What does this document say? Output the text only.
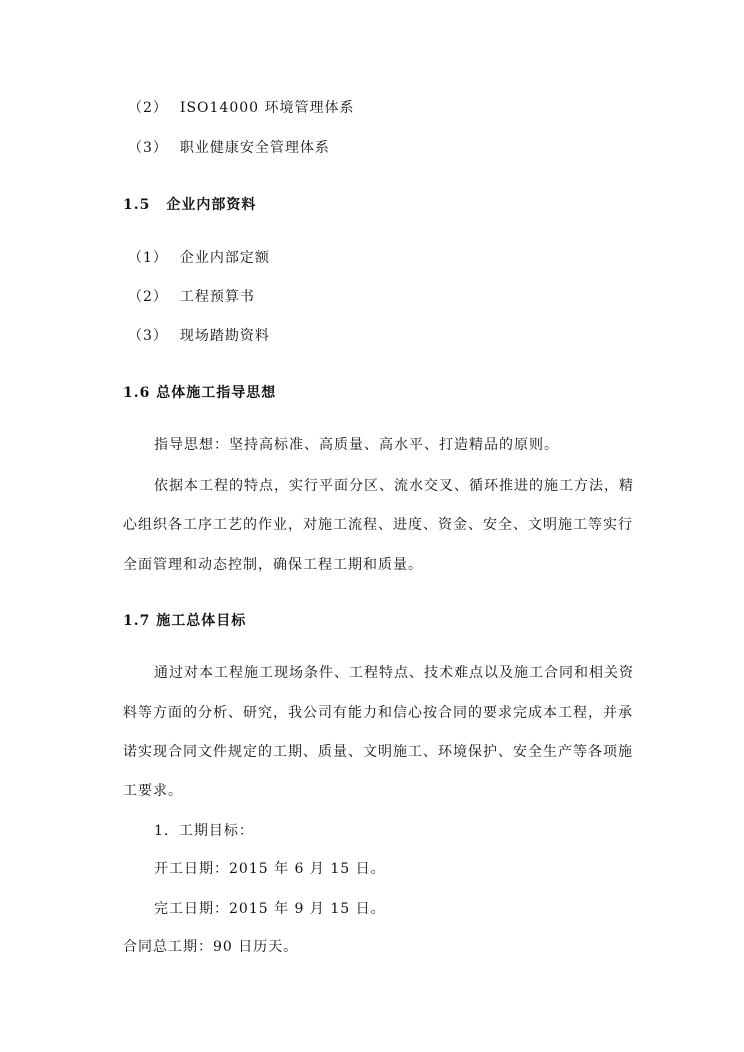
（2） ISO14000 环境管理体系
（3） 职业健康安全管理体系
1.5 企业内部资料
（1） 企业内部定额
（2） 工程预算书
（3） 现场踏勘资料
1.6 总体施工指导思想
指导思想：坚持高标准、高质量、高水平、打造精品的原则。
依据本工程的特点，实行平面分区、流水交叉、循环推进的施工方法，精
心组织各工序工艺的作业，对施工流程、进度、资金、安全、文明施工等实行
全面管理和动态控制，确保工程工期和质量。
1.7 施工总体目标
通过对本工程施工现场条件、工程特点、技术难点以及施工合同和相关资
料等方面的分析、研究，我公司有能力和信心按合同的要求完成本工程，并承
诺实现合同文件规定的工期、质量、文明施工、环境保护、安全生产等各项施
工要求。
1．工期目标：
开工日期：2015 年 6 月 15 日。
完工日期：2015 年 9 月 15 日。
合同总工期：90 日历天。
